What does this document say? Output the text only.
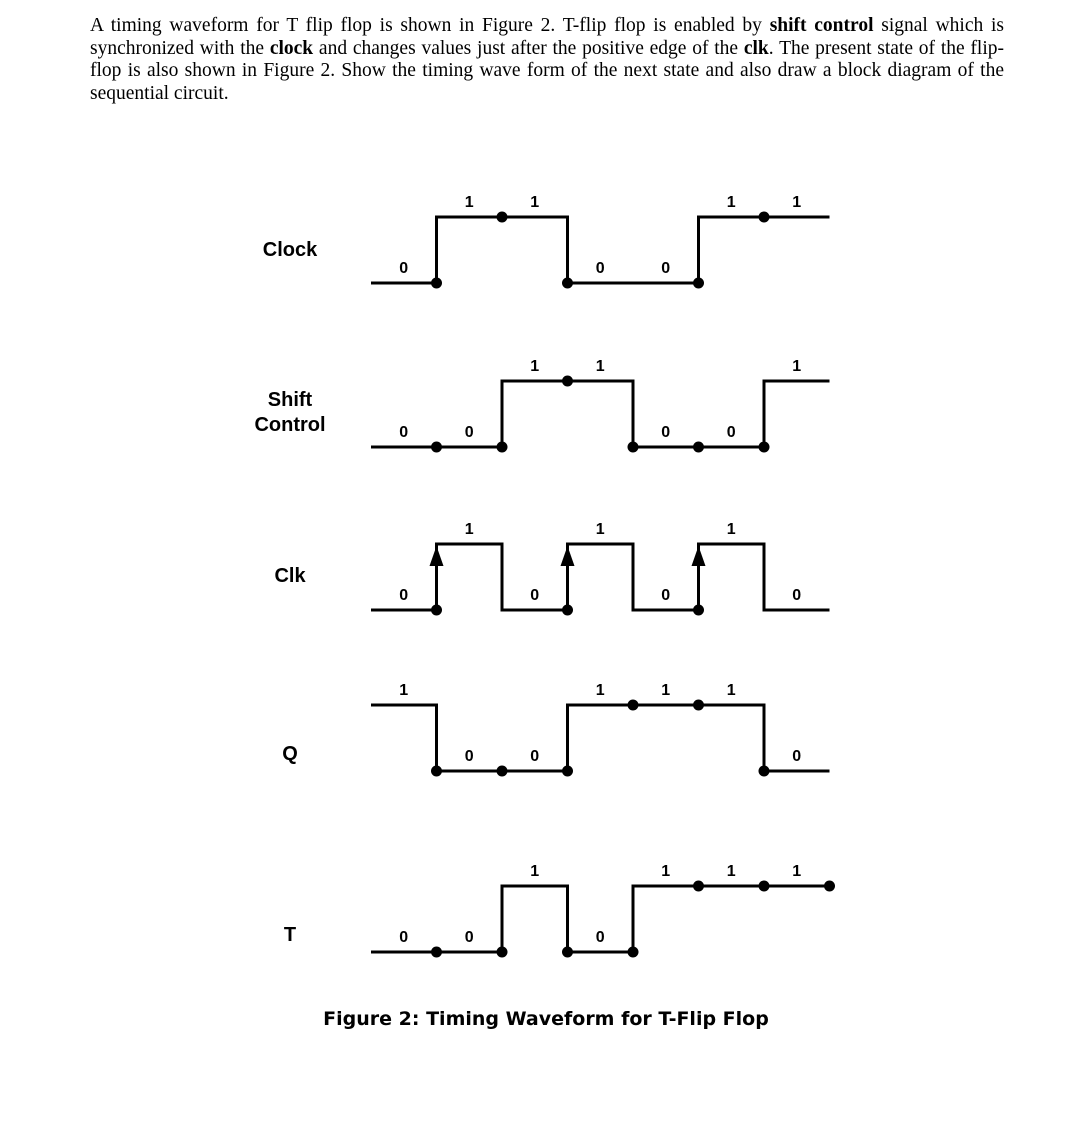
A timing waveform for T flip flop is shown in Figure 2. T-flip flop is enabled by shift control signal which is synchronized with the clock and changes values just after the positive edge of the clk. The present state of the flip-flop is also shown in Figure 2. Show the timing wave form of the next state and also draw a block diagram of the sequential circuit.

Clock
0
1	1
0	0
1	1
Shift
Control	0	0
1	1
0	0
1
Clk
0
1
0
1
0
1
0
Q
1
0	0
1	1	1
0
T	0	0
1
0
1	1	1
Figure 2: Timing Waveform for T-Flip Flop
